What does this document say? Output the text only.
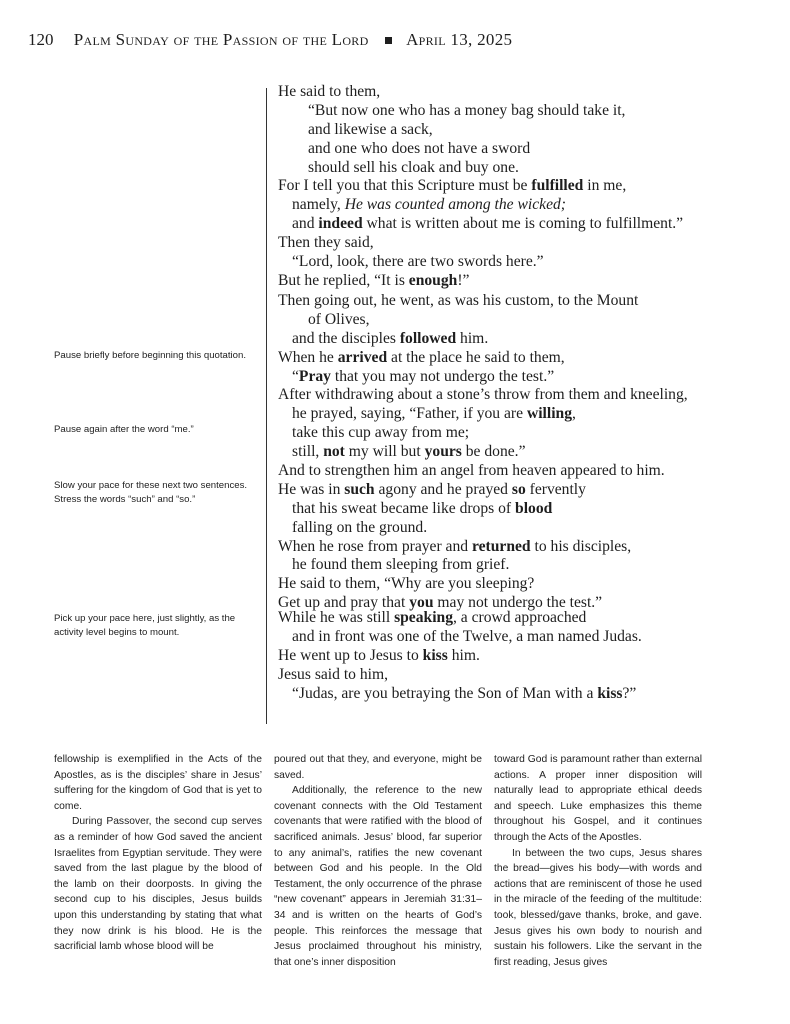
120 Palm Sunday of the Passion of the Lord April 13, 2025
He said to them,
“But now one who has a money bag should take it,
and likewise a sack,
and one who does not have a sword
should sell his cloak and buy one.
For I tell you that this Scripture must be fulfilled in me,
namely, He was counted among the wicked;
and indeed what is written about me is coming to fulfillment.”
Then they said,
“Lord, look, there are two swords here.”
But he replied, “It is enough!”
Then going out, he went, as was his custom, to the Mount
of Olives,
and the disciples followed him.
When he arrived at the place he said to them,
“Pray that you may not undergo the test.”
After withdrawing about a stone’s throw from them and kneeling,
he prayed, saying, “Father, if you are willing,
take this cup away from me;
still, not my will but yours be done.”
And to strengthen him an angel from heaven appeared to him.
He was in such agony and he prayed so fervently
that his sweat became like drops of blood
falling on the ground.
When he rose from prayer and returned to his disciples,
he found them sleeping from grief.
He said to them, “Why are you sleeping?
Get up and pray that you may not undergo the test.”
While he was still speaking, a crowd approached
and in front was one of the Twelve, a man named Judas.
He went up to Jesus to kiss him.
Jesus said to him,
“Judas, are you betraying the Son of Man with a kiss?”
Pause briefly before beginning this quotation.
Pause again after the word “me.”
Slow your pace for these next two sentences. Stress the words “such” and “so.”
Pick up your pace here, just slightly, as the activity level begins to mount.

fellowship is exemplified in the Acts of the Apostles, as is the disciples’ share in Jesus’ suffering for the kingdom of God that is yet to come.

During Passover, the second cup serves as a reminder of how God saved the ancient Israelites from Egyptian servitude. They were saved from the last plague by the blood of the lamb on their doorposts. In giving the second cup to his disciples, Jesus builds upon this understanding by stating that what they now drink is his blood. He is the sacrificial lamb whose blood will be

poured out that they, and everyone, might be saved.

Additionally, the reference to the new covenant connects with the Old Testament covenants that were ratified with the blood of sacrificed animals. Jesus’ blood, far superior to any animal’s, ratifies the new covenant between God and his people. In the Old Testament, the only occurrence of the phrase “new covenant” appears in Jeremiah 31:31–34 and is written on the hearts of God’s people. This reinforces the message that Jesus proclaimed throughout his ministry, that one’s inner disposition

toward God is paramount rather than external actions. A proper inner disposition will naturally lead to appropriate ethical deeds and speech. Luke emphasizes this theme throughout his Gospel, and it continues through the Acts of the Apostles.

In between the two cups, Jesus shares the bread—gives his body—with words and actions that are reminiscent of those he used in the miracle of the feeding of the multitude: took, blessed/gave thanks, broke, and gave. Jesus gives his own body to nourish and sustain his followers. Like the servant in the first reading, Jesus gives
